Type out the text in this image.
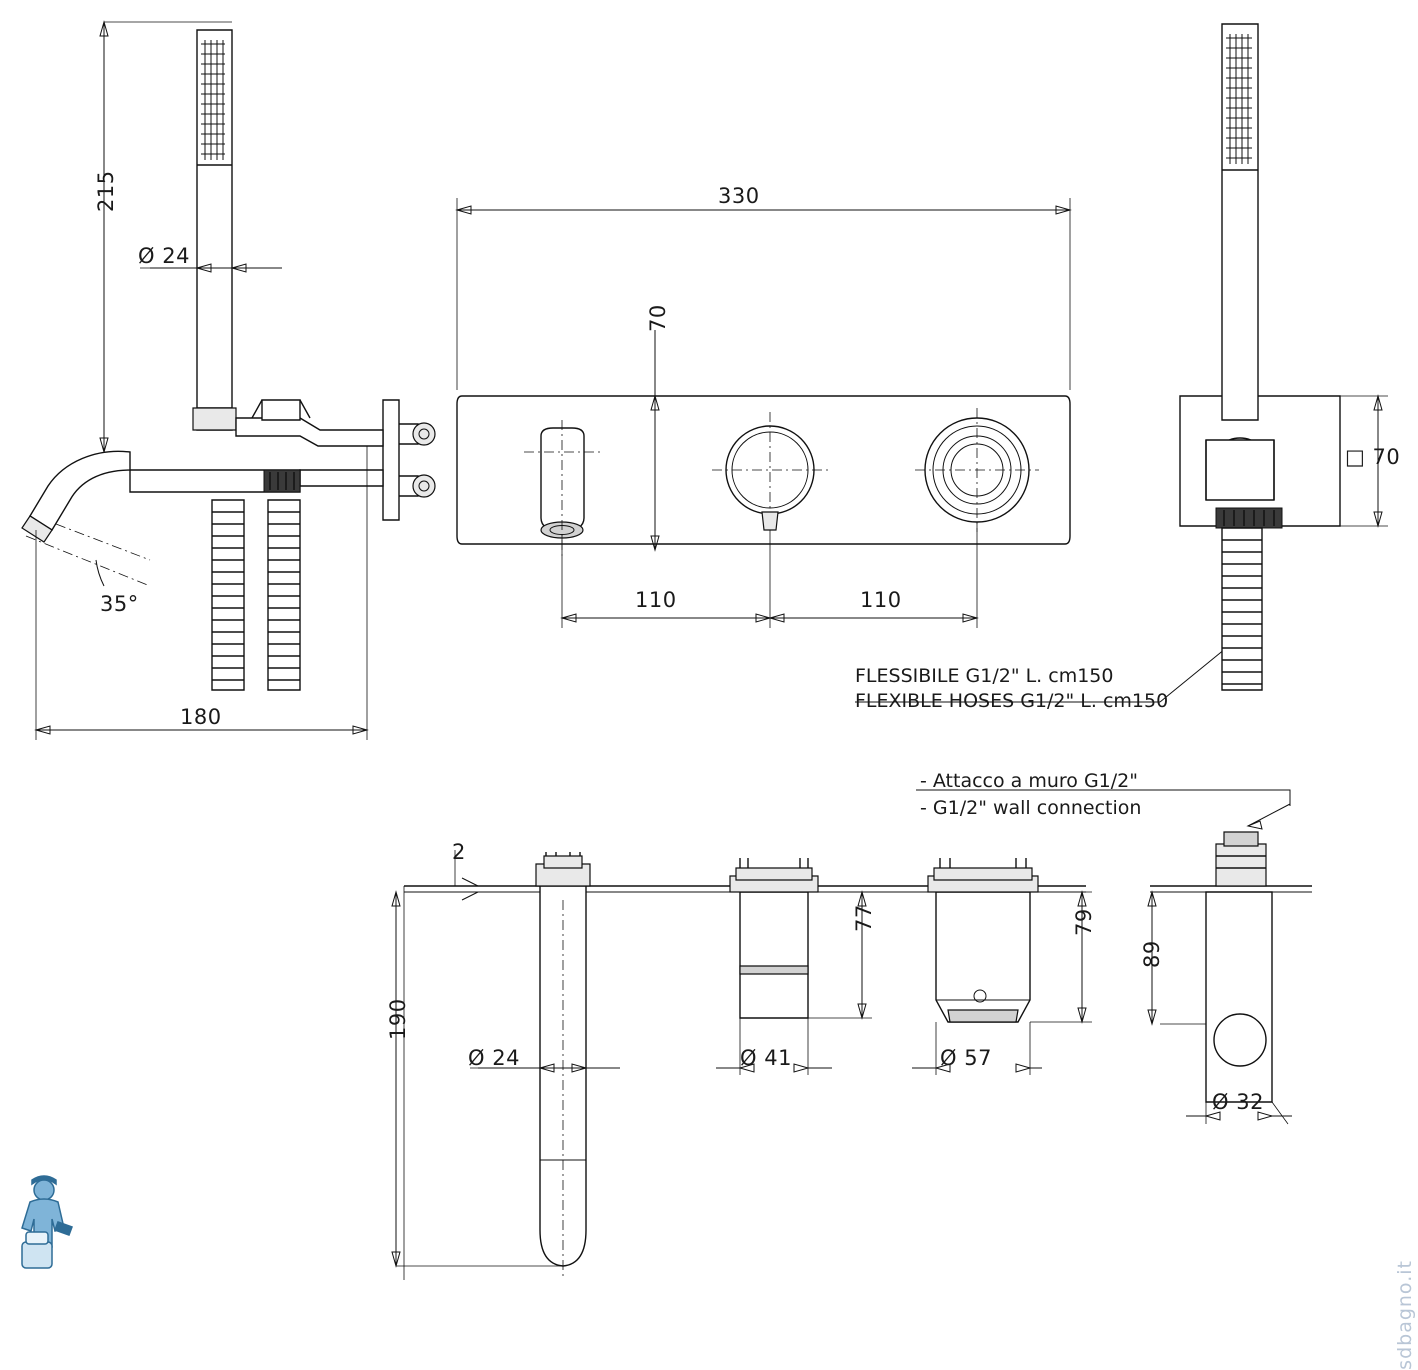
215
Ø 24
35°
180
330
70
110	110
□ 70
2
190
Ø 24
77
Ø 41
79
Ø 57
89
Ø 32
FLESSIBILE G1/2" L. cm150
FLEXIBLE HOSES G1/2" L. cm150
- Attacco a muro G1/2"
- G1/2" wall connection
sdbagno.it
